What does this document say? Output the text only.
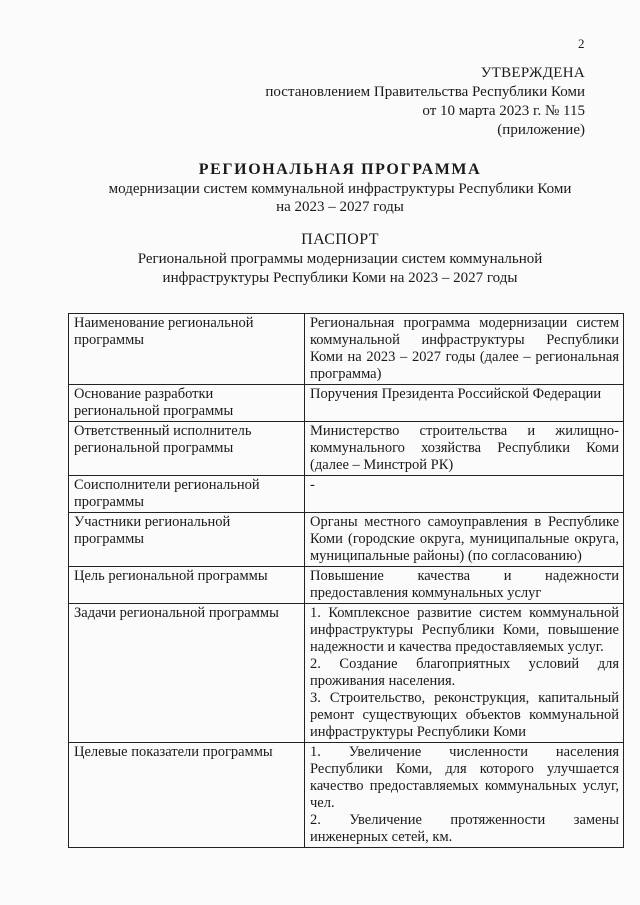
2
УТВЕРЖДЕНА
постановлением Правительства Республики Коми
от 10 марта 2023 г. № 115
(приложение)
РЕГИОНАЛЬНАЯ ПРОГРАММА
модернизации систем коммунальной инфраструктуры Республики Коми
на 2023 – 2027 годы
ПАСПОРТ
Региональной программы модернизации систем коммунальной
инфраструктуры Республики Коми на 2023 – 2027 годы
Наименование региональной программы	Региональная программа модернизации систем коммунальной инфраструктуры Республики Коми на 2023 – 2027 годы (далее – региональная программа)

Основание разработки региональной программы	Поручения Президента Российской Федерации

Ответственный исполнитель региональной программы	Министерство строительства и жилищно-коммунального хозяйства Республики Коми (далее – Минстрой РК)

Соисполнители региональной программы	-

Участники региональной программы	Органы местного самоуправления в Республике Коми (городские округа, муниципальные округа, муниципальные районы) (по согласованию)

Цель региональной программы	Повышение качества и надежности предоставления коммунальных услуг

Задачи региональной программы	1. Комплексное развитие систем коммунальной инфраструктуры Республики Коми, повышение надежности и качества предоставляемых услуг.

2. Создание благоприятных условий для проживания населения.

3. Строительство, реконструкция, капитальный ремонт существующих объектов коммунальной инфраструктуры Республики Коми

Целевые показатели программы	1. Увеличение численности населения Республики Коми, для которого улучшается качество предоставляемых коммунальных услуг, чел.

2. Увеличение протяженности замены инженерных сетей, км.
